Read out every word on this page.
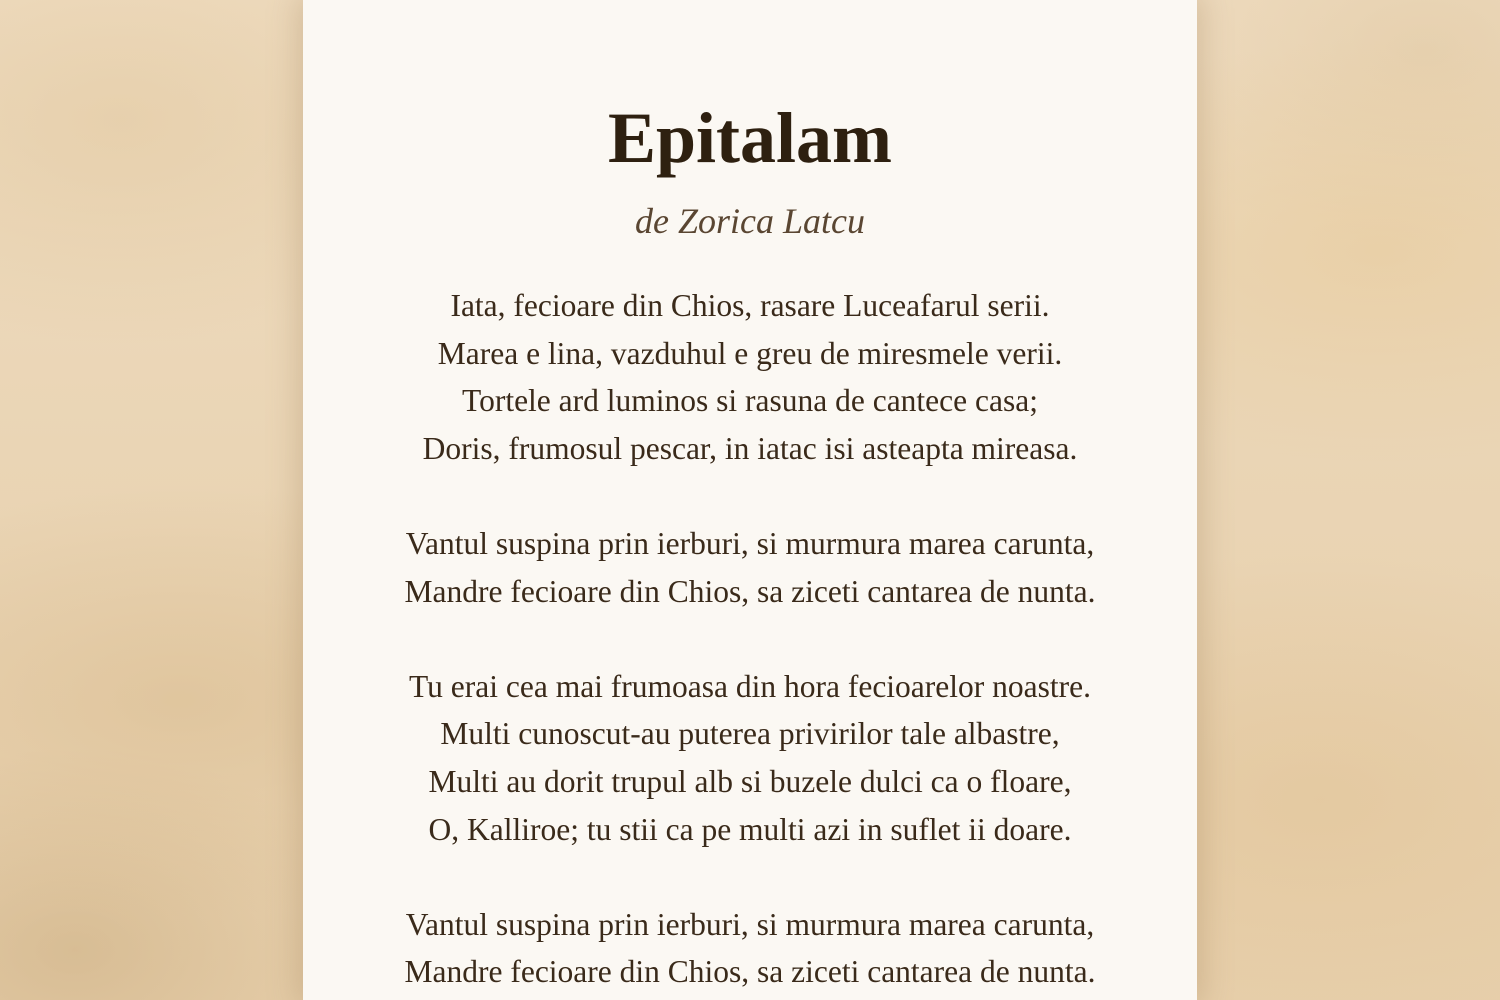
Epitalam
de Zorica Latcu
Iata, fecioare din Chios, rasare Luceafarul serii.
Marea e lina, vazduhul e greu de miresmele verii.
Tortele ard luminos si rasuna de cantece casa;
Doris, frumosul pescar, in iatac isi asteapta mireasa.
Vantul suspina prin ierburi, si murmura marea carunta,
Mandre fecioare din Chios, sa ziceti cantarea de nunta.
Tu erai cea mai frumoasa din hora fecioarelor noastre.
Multi cunoscut-au puterea privirilor tale albastre,
Multi au dorit trupul alb si buzele dulci ca o floare,
O, Kalliroe; tu stii ca pe multi azi in suflet ii doare.
Vantul suspina prin ierburi, si murmura marea carunta,
Mandre fecioare din Chios, sa ziceti cantarea de nunta.
